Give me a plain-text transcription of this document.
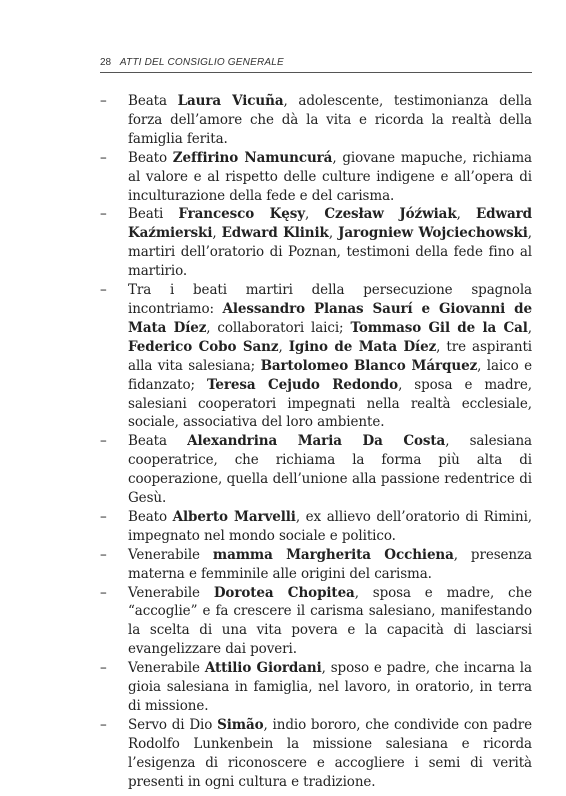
28 ATTI DEL CONSIGLIO GENERALE
–	Beata Laura Vicuña, adolescente, testimonianza della forza dell’amore che dà la vita e ricorda la realtà della famiglia ferita.
–	Beato Zeffirino Namuncurá, giovane mapuche, richiama al valore e al rispetto delle culture indigene e all’opera di inculturazione della fede e del carisma.
–	Beati Francesco Kęsy, Czesław Jóźwiak, Edward Kaźmierski, Edward Klinik, Jarogniew Wojciechowski, martiri dell’oratorio di Poznan, testimoni della fede fino al martirio.
–	Tra i beati martiri della persecuzione spagnola incontriamo: Alessandro Planas Saurí e Giovanni de Mata Díez, collaboratori laici; Tommaso Gil de la Cal, Federico Cobo Sanz, Igino de Mata Díez, tre aspiranti alla vita salesiana; Bartolomeo Blanco Márquez, laico e fidanzato; Teresa Cejudo Redondo, sposa e madre, salesiani cooperatori impegnati nella realtà ecclesiale, sociale, associativa del loro ambiente.
–	Beata Alexandrina Maria Da Costa, salesiana cooperatrice, che richiama la forma più alta di cooperazione, quella dell’unione alla passione redentrice di Gesù.
–	Beato Alberto Marvelli, ex allievo dell’oratorio di Rimini, impegnato nel mondo sociale e politico.
–	Venerabile mamma Margherita Occhiena, presenza materna e femminile alle origini del carisma.
–	Venerabile Dorotea Chopitea, sposa e madre, che “accoglie” e fa crescere il carisma salesiano, manifestando la scelta di una vita povera e la capacità di lasciarsi evangelizzare dai poveri.
–	Venerabile Attilio Giordani, sposo e padre, che incarna la gioia salesiana in famiglia, nel lavoro, in oratorio, in terra di missione.
–	Servo di Dio Simão, indio bororo, che condivide con padre Rodolfo Lunkenbein la missione salesiana e ricorda l’esigenza di riconoscere e accogliere i semi di verità presenti in ogni cultura e tradizione.
